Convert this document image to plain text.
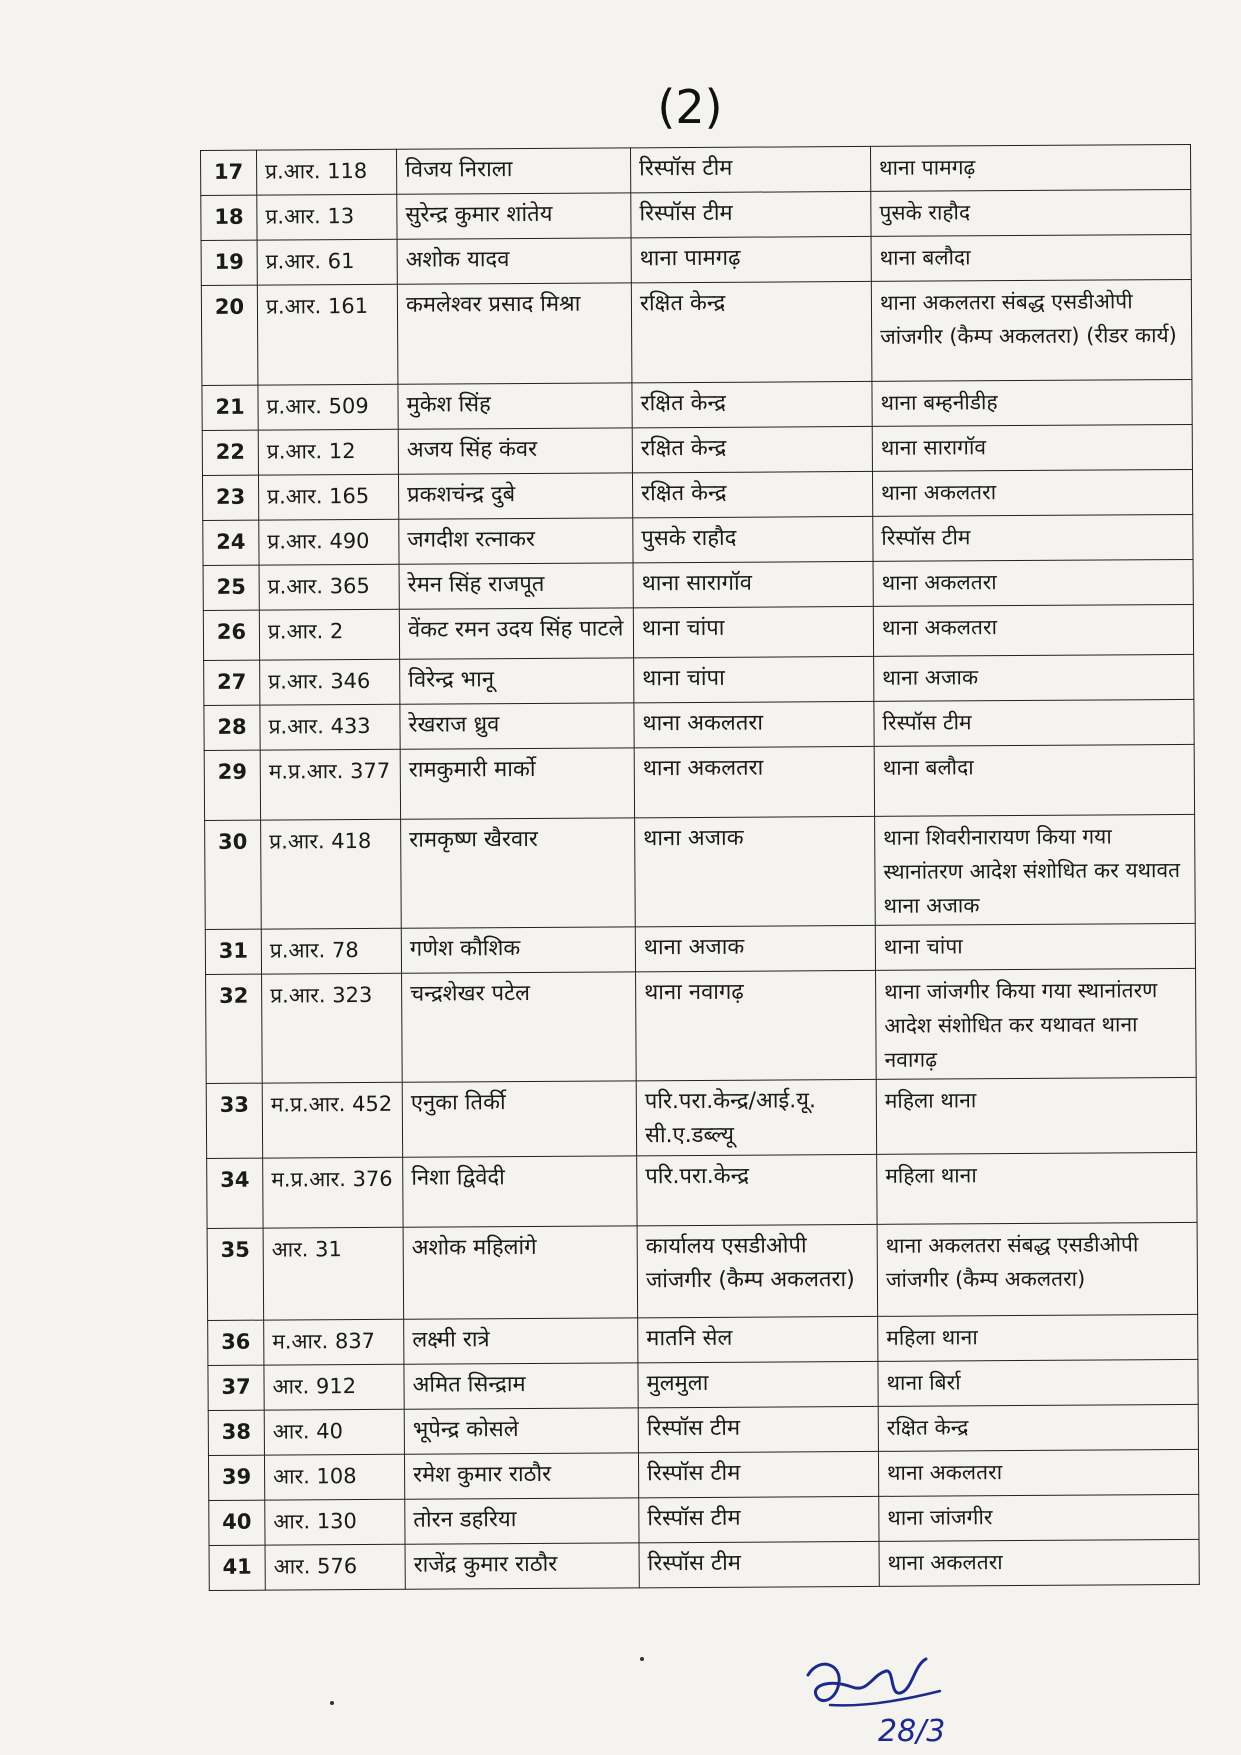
(2)
17	प्र.आर. 118	विजय निराला	रिस्पॉस टीम	थाना पामगढ़
18	प्र.आर. 13	सुरेन्द्र कुमार शांतेय	रिस्पॉस टीम	पुसके राहौद
19	प्र.आर. 61	अशोक यादव	थाना पामगढ़	थाना बलौदा
20	प्र.आर. 161	कमलेश्वर प्रसाद मिश्रा	रक्षित केन्द्र	थाना अकलतरा संबद्ध एसडीओपी जांजगीर (कैम्प अकलतरा) (रीडर कार्य)
21	प्र.आर. 509	मुकेश सिंह	रक्षित केन्द्र	थाना बम्हनीडीह
22	प्र.आर. 12	अजय सिंह कंवर	रक्षित केन्द्र	थाना सारागॉव
23	प्र.आर. 165	प्रकशचंन्द्र दुबे	रक्षित केन्द्र	थाना अकलतरा
24	प्र.आर. 490	जगदीश रत्नाकर	पुसके राहौद	रिस्पॉस टीम
25	प्र.आर. 365	रेमन सिंह राजपूत	थाना सारागॉव	थाना अकलतरा
26	प्र.आर. 2	वेंकट रमन उदय सिंह पाटले	थाना चांपा	थाना अकलतरा
27	प्र.आर. 346	विरेन्द्र भानू	थाना चांपा	थाना अजाक
28	प्र.आर. 433	रेखराज ध्रुव	थाना अकलतरा	रिस्पॉस टीम
29	म.प्र.आर. 377	रामकुमारी मार्को	थाना अकलतरा	थाना बलौदा
30	प्र.आर. 418	रामकृष्ण खैरवार	थाना अजाक	थाना शिवरीनारायण किया गया स्थानांतरण आदेश संशोधित कर यथावत थाना अजाक
31	प्र.आर. 78	गणेश कौशिक	थाना अजाक	थाना चांपा
32	प्र.आर. 323	चन्द्रशेखर पटेल	थाना नवागढ़	थाना जांजगीर किया गया स्थानांतरण आदेश संशोधित कर यथावत थाना नवागढ़
33	म.प्र.आर. 452	एनुका तिर्की	परि.परा.केन्द्र/आई.यू. सी.ए.डब्ल्यू	महिला थाना
34	म.प्र.आर. 376	निशा द्विवेदी	परि.परा.केन्द्र	महिला थाना
35	आर. 31	अशोक महिलांगे	कार्यालय एसडीओपी जांजगीर (कैम्प अकलतरा)	थाना अकलतरा संबद्ध एसडीओपी जांजगीर (कैम्प अकलतरा)
36	म.आर. 837	लक्ष्मी रात्रे	मातनि सेल	महिला थाना
37	आर. 912	अमित सिन्द्राम	मुलमुला	थाना बिर्रा
38	आर. 40	भूपेन्द्र कोसले	रिस्पॉस टीम	रक्षित केन्द्र
39	आर. 108	रमेश कुमार राठौर	रिस्पॉस टीम	थाना अकलतरा
40	आर. 130	तोरन डहरिया	रिस्पॉस टीम	थाना जांजगीर
41	आर. 576	राजेंद्र कुमार राठौर	रिस्पॉस टीम	थाना अकलतरा
28/3
